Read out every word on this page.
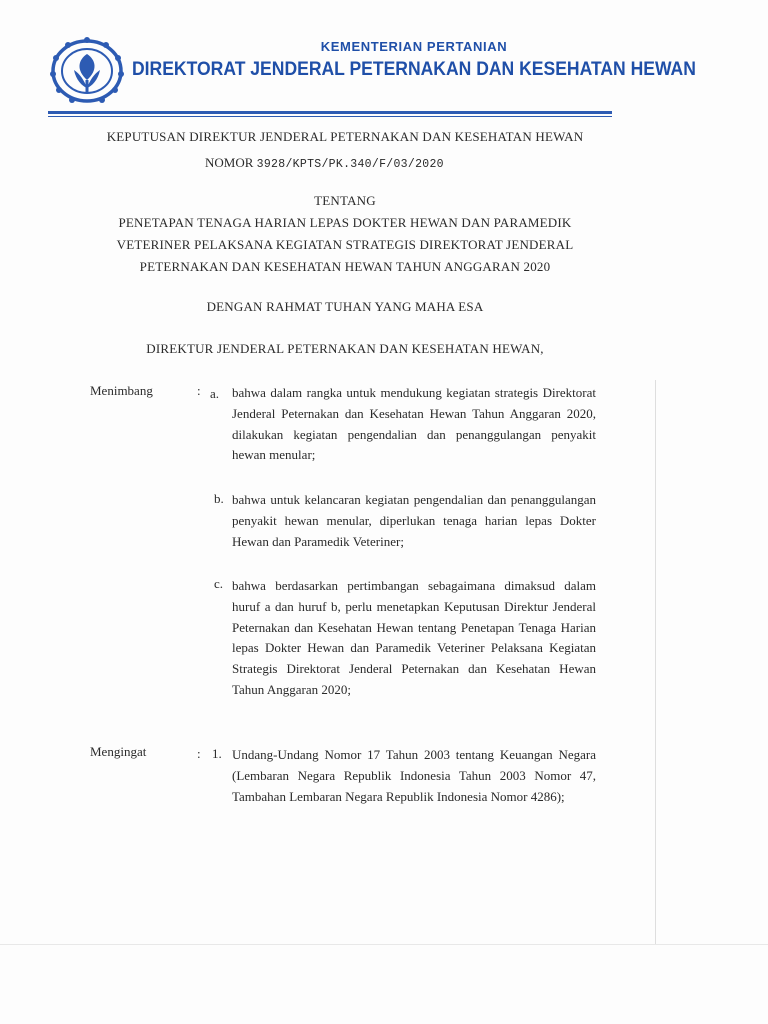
KEMENTERIAN PERTANIAN
DIREKTORAT JENDERAL PETERNAKAN DAN KESEHATAN HEWAN
KEPUTUSAN DIREKTUR JENDERAL PETERNAKAN DAN KESEHATAN HEWAN
NOMOR 3928/KPTS/PK.340/F/03/2020
TENTANG
PENETAPAN TENAGA HARIAN LEPAS DOKTER HEWAN DAN PARAMEDIK
VETERINER PELAKSANA KEGIATAN STRATEGIS DIREKTORAT JENDERAL
PETERNAKAN DAN KESEHATAN HEWAN TAHUN ANGGARAN 2020
DENGAN RAHMAT TUHAN YANG MAHA ESA
DIREKTUR JENDERAL PETERNAKAN DAN KESEHATAN HEWAN,
Menimbang	: a. bahwa dalam rangka untuk mendukung kegiatan strategis Direktorat Jenderal Peternakan dan Kesehatan Hewan Tahun Anggaran 2020, dilakukan kegiatan pengendalian dan penanggulangan penyakit hewan menular;
b. bahwa untuk kelancaran kegiatan pengendalian dan penanggulangan penyakit hewan menular, diperlukan tenaga harian lepas Dokter Hewan dan Paramedik Veteriner;
c. bahwa berdasarkan pertimbangan sebagaimana dimaksud dalam huruf a dan huruf b, perlu menetapkan Keputusan Direktur Jenderal Peternakan dan Kesehatan Hewan tentang Penetapan Tenaga Harian lepas Dokter Hewan dan Paramedik Veteriner Pelaksana Kegiatan Strategis Direktorat Jenderal Peternakan dan Kesehatan Hewan Tahun Anggaran 2020;
Mengingat	: 1. Undang-Undang Nomor 17 Tahun 2003 tentang Keuangan Negara (Lembaran Negara Republik Indonesia Tahun 2003 Nomor 47, Tambahan Lembaran Negara Republik Indonesia Nomor 4286);
